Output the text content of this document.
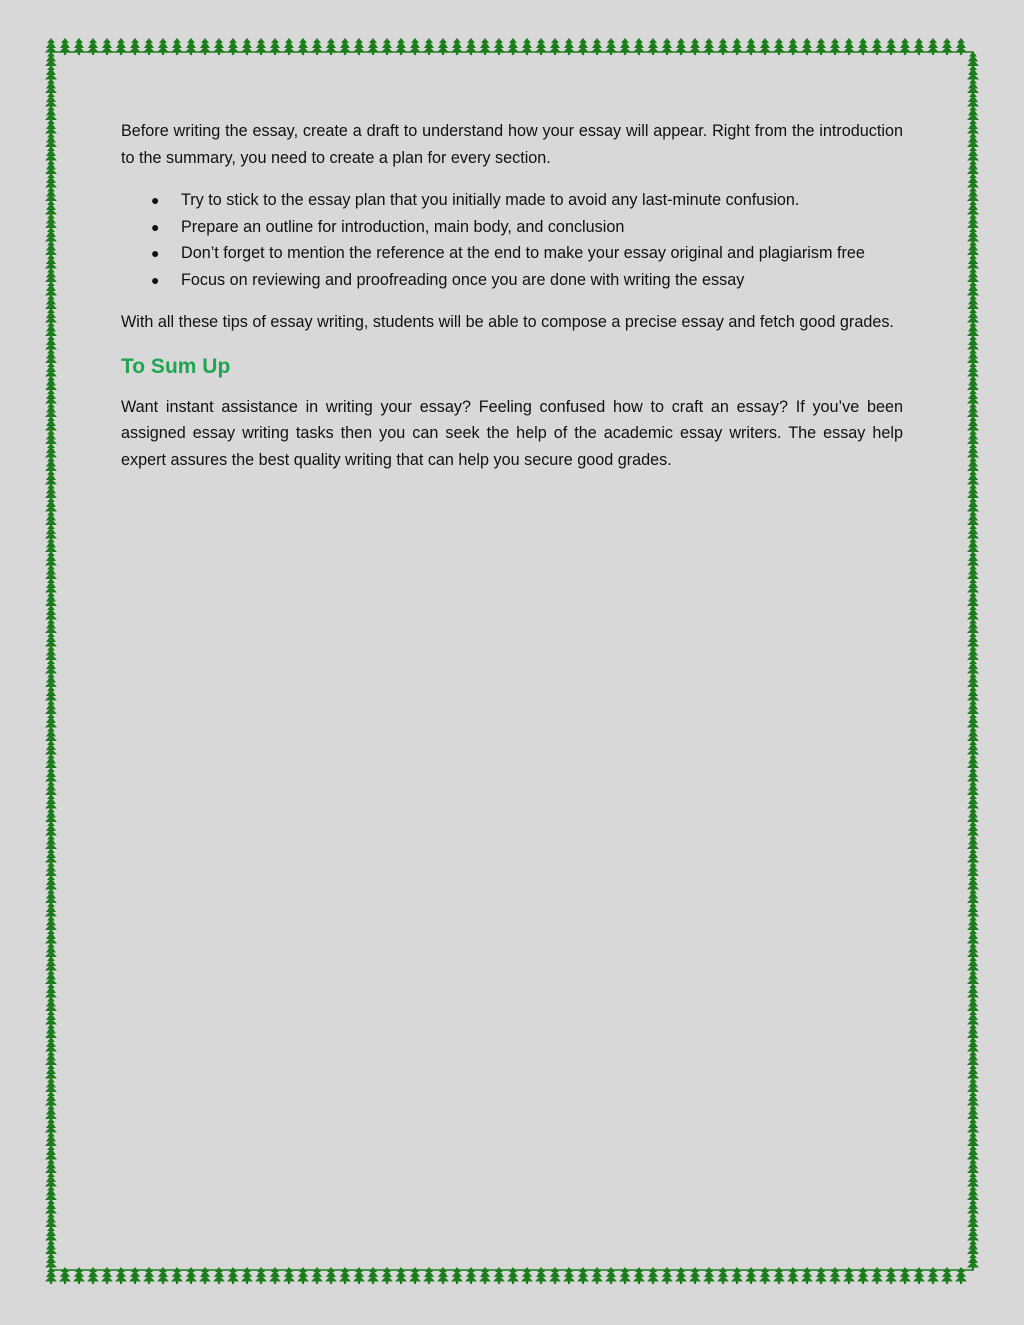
Before writing the essay, create a draft to understand how your essay will appear. Right from the introduction to the summary, you need to create a plan for every section.

● Try to stick to the essay plan that you initially made to avoid any last-minute confusion.
● Prepare an outline for introduction, main body, and conclusion
● Don’t forget to mention the reference at the end to make your essay original and plagiarism free
● Focus on reviewing and proofreading once you are done with writing the essay

With all these tips of essay writing, students will be able to compose a precise essay and fetch good grades.

To Sum Up

Want instant assistance in writing your essay? Feeling confused how to craft an essay? If you’ve been assigned essay writing tasks then you can seek the help of the academic essay writers. The essay help expert assures the best quality writing that can help you secure good grades.
